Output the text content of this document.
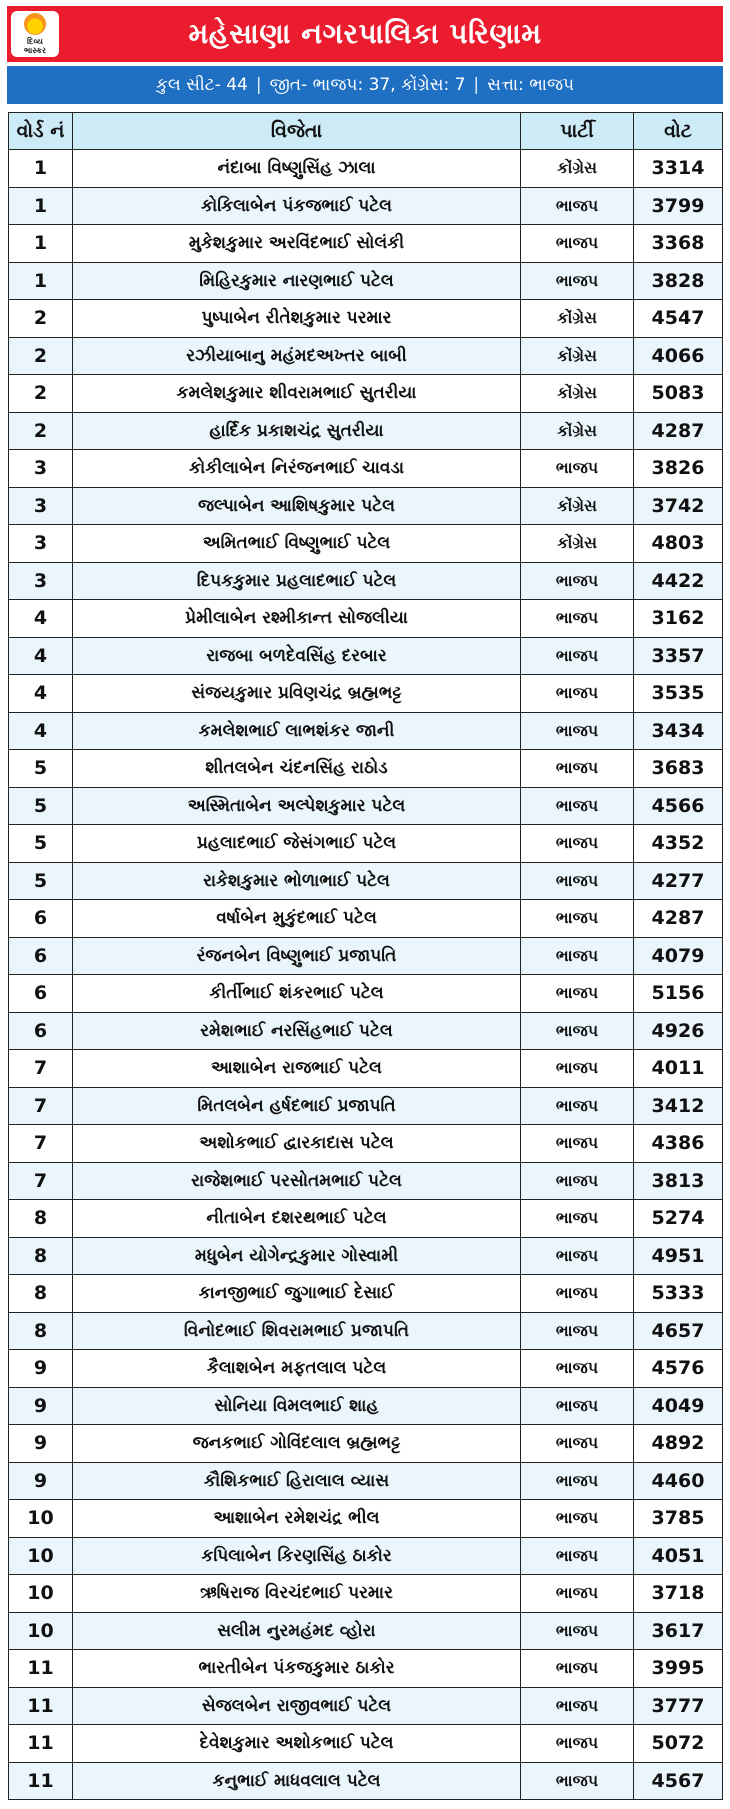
દિવ્ય
ભાસ્કર
મહેસાણા નગરપાલિકા પરિણામ
કુલ સીટ- 44 | જીત- ભાજપ: 37, કોંગ્રેસ: 7 | સત્તા: ભાજપ
વોર્ડ નં	વિજેતા	પાર્ટી	વોટ
1	નંદાબા વિષ્ણુસિંહ ઝાલા	કોંગ્રેસ	3314
1	કોકિલાબેન પંકજભાઈ પટેલ	ભાજપ	3799
1	મુકેશકુમાર અરવિંદભાઈ સોલંકી	ભાજપ	3368
1	મિહિરકુમાર નારણભાઈ પટેલ	ભાજપ	3828
2	પુષ્પાબેન રીતેશકુમાર પરમાર	કોંગ્રેસ	4547
2	રઝીયાબાનુ મહંમદઅખ્તર બાબી	કોંગ્રેસ	4066
2	કમલેશકુમાર શીવરામભાઈ સુતરીયા	કોંગ્રેસ	5083
2	હાર્દિક પ્રકાશચંદ્ર સુતરીયા	કોંગ્રેસ	4287
3	કોકીલાબેન નિરંજનભાઈ ચાવડા	ભાજપ	3826
3	જલ્પાબેન આશિષકુમાર પટેલ	કોંગ્રેસ	3742
3	અમિતભાઈ વિષ્ણુભાઈ પટેલ	કોંગ્રેસ	4803
3	દિપકકુમાર પ્રહલાદભાઈ પટેલ	ભાજપ	4422
4	પ્રેમીલાબેન રશ્મીકાન્ત સોજલીયા	ભાજપ	3162
4	રાજબા બળદેવસિંહ દરબાર	ભાજપ	3357
4	સંજયકુમાર પ્રવિણચંદ્ર બ્રહ્મભટ્ટ	ભાજપ	3535
4	કમલેશભાઈ લાભશંકર જાની	ભાજપ	3434
5	શીતલબેન ચંદનસિંહ રાઠોડ	ભાજપ	3683
5	અસ્મિતાબેન અલ્પેશકુમાર પટેલ	ભાજપ	4566
5	પ્રહલાદભાઈ જેસંગભાઈ પટેલ	ભાજપ	4352
5	રાકેશકુમાર ભોળાભાઈ પટેલ	ભાજપ	4277
6	વર્ષાબેન મુકુંદભાઈ પટેલ	ભાજપ	4287
6	રંજનબેન વિષ્ણુભાઈ પ્રજાપતિ	ભાજપ	4079
6	કીર્તીભાઈ શંકરભાઈ પટેલ	ભાજપ	5156
6	રમેશભાઈ નરસિંહભાઈ પટેલ	ભાજપ	4926
7	આશાબેન રાજભાઈ પટેલ	ભાજપ	4011
7	મિતલબેન હર્ષદભાઈ પ્રજાપતિ	ભાજપ	3412
7	અશોકભાઈ દ્વારકાદાસ પટેલ	ભાજપ	4386
7	રાજેશભાઈ પરસોતમભાઈ પટેલ	ભાજપ	3813
8	નીતાબેન દશરથભાઈ પટેલ	ભાજપ	5274
8	મધુબેન યોગેન્દ્રકુમાર ગોસ્વામી	ભાજપ	4951
8	કાનજીભાઈ જુગાભાઈ દેસાઈ	ભાજપ	5333
8	વિનોદભાઈ શિવરામભાઈ પ્રજાપતિ	ભાજપ	4657
9	કૈલાશબેન મફતલાલ પટેલ	ભાજપ	4576
9	સોનિયા વિમલભાઈ શાહ	ભાજપ	4049
9	જનકભાઈ ગોવિંદલાલ બ્રહ્મભટ્ટ	ભાજપ	4892
9	કૌશિકભાઈ હિરાલાલ વ્યાસ	ભાજપ	4460
10	આશાબેન રમેશચંદ્ર ભીલ	ભાજપ	3785
10	કપિલાબેન કિરણસિંહ ઠાકોર	ભાજપ	4051
10	ઋષિરાજ વિરચંદભાઈ પરમાર	ભાજપ	3718
10	સલીમ નુરમહંમદ વ્હોરા	ભાજપ	3617
11	ભારતીબેન પંકજકુમાર ઠાકોર	ભાજપ	3995
11	સેજલબેન રાજીવભાઈ પટેલ	ભાજપ	3777
11	દેવેશકુમાર અશોકભાઈ પટેલ	ભાજપ	5072
11	કનુભાઈ માધવલાલ પટેલ	ભાજપ	4567
